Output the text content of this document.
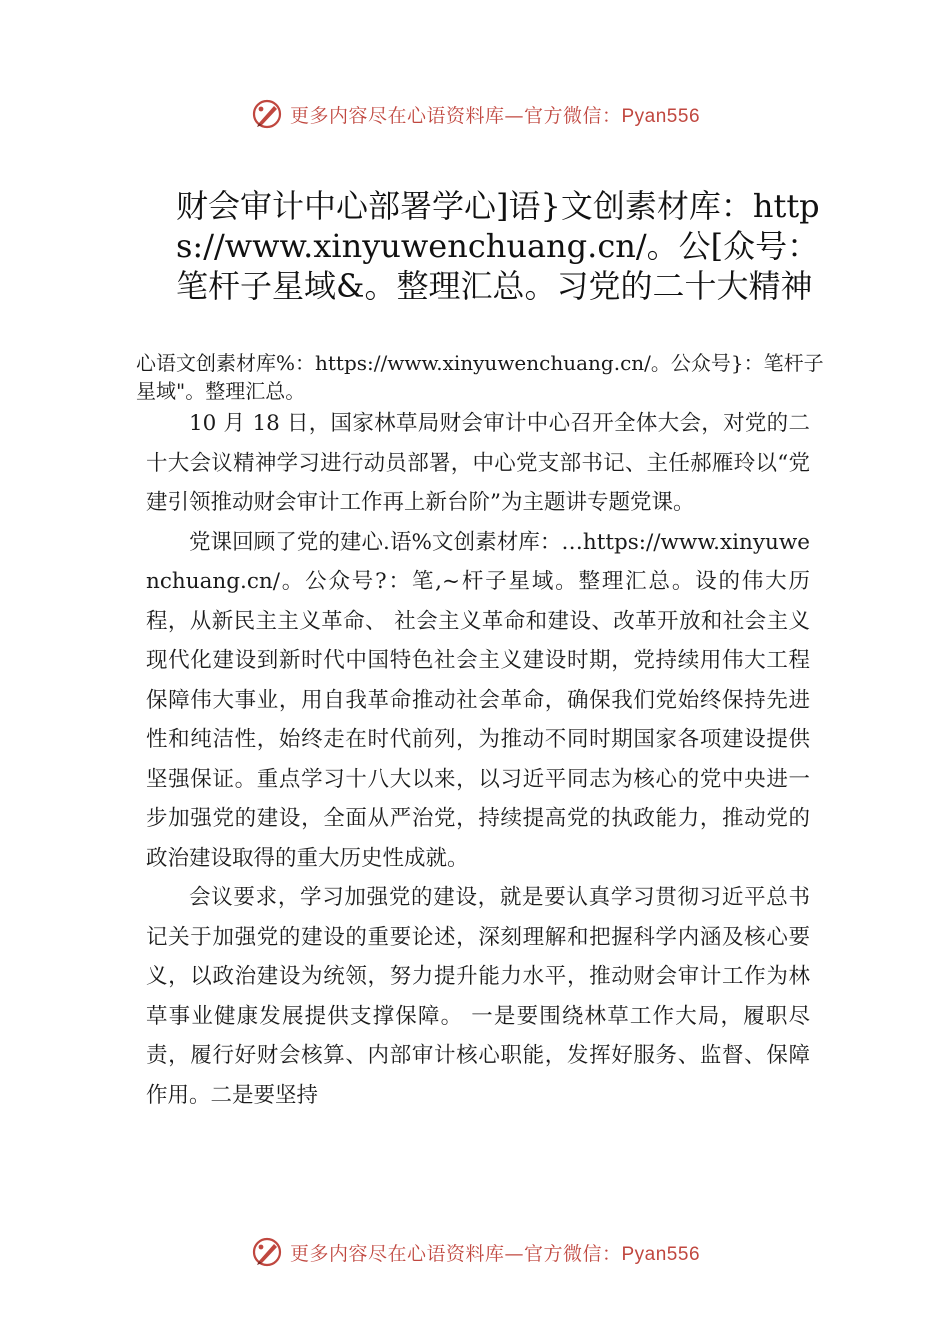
更多内容尽在心语资料库—官方微信：Pyan556
财会审计中心部署学心]语}文创素材库：https://www.xinyuwenchuang.cn/。公[众号：笔杆子星域&。整理汇总。习党的二十大精神

心语文创素材库%：https://www.xinyuwenchuang.cn/。公众号}：笔杆子星域"。整理汇总。

10 月 18 日，国家林草局财会审计中心召开全体大会，对党的二十大会议精神学习进行动员部署，中心党支部书记、主任郝雁玲以“党建引领推动财会审计工作再上新台阶”为主题讲专题党课。

党课回顾了党的建心.语%文创素材库：…https://www.xinyuwenchuang.cn/。公众号?：笔,~杆子星域。整理汇总。设的伟大历程，从新民主主义革命、 社会主义革命和建设、改革开放和社会主义现代化建设到新时代中国特色社会主义建设时期，党持续用伟大工程保障伟大事业，用自我革命推动社会革命，确保我们党始终保持先进性和纯洁性，始终走在时代前列，为推动不同时期国家各项建设提供坚强保证。重点学习十八大以来，以习近平同志为核心的党中央进一步加强党的建设，全面从严治党，持续提高党的执政能力，推动党的政治建设取得的重大历史性成就。

会议要求，学习加强党的建设，就是要认真学习贯彻习近平总书记关于加强党的建设的重要论述，深刻理解和把握科学内涵及核心要义，以政治建设为统领，努力提升能力水平，推动财会审计工作为林草事业健康发展提供支撑保障。 一是要围绕林草工作大局，履职尽责，履行好财会核算、内部审计核心职能，发挥好服务、监督、保障作用。二是要坚持

更多内容尽在心语资料库—官方微信：Pyan556
